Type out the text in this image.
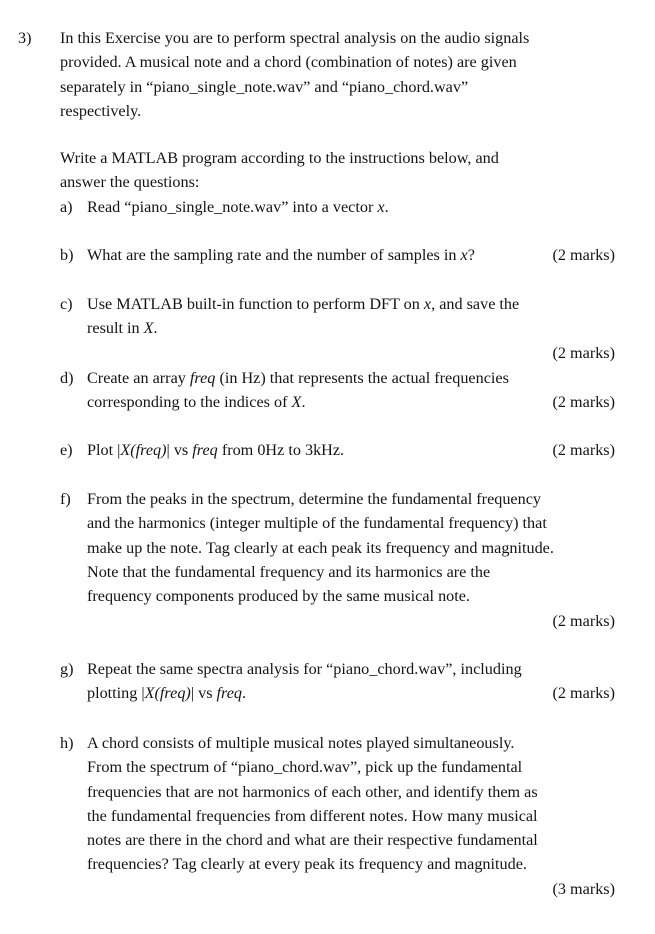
3) In this Exercise you are to perform spectral analysis on the audio signals
provided. A musical note and a chord (combination of notes) are given
separately in “piano_single_note.wav” and “piano_chord.wav”
respectively.
Write a MATLAB program according to the instructions below, and
answer the questions:
a) Read “piano_single_note.wav” into a vector x.
b) What are the sampling rate and the number of samples in x?	(2 marks)
c) Use MATLAB built-in function to perform DFT on x, and save the
result in X.
(2 marks)
d) Create an array freq (in Hz) that represents the actual frequencies
corresponding to the indices of X.	(2 marks)
e) Plot |X(freq)| vs freq from 0Hz to 3kHz.	(2 marks)
f) From the peaks in the spectrum, determine the fundamental frequency
and the harmonics (integer multiple of the fundamental frequency) that
make up the note. Tag clearly at each peak its frequency and magnitude.
Note that the fundamental frequency and its harmonics are the
frequency components produced by the same musical note.
(2 marks)
g) Repeat the same spectra analysis for “piano_chord.wav”, including
plotting |X(freq)| vs freq.	(2 marks)
h) A chord consists of multiple musical notes played simultaneously.
From the spectrum of “piano_chord.wav”, pick up the fundamental
frequencies that are not harmonics of each other, and identify them as
the fundamental frequencies from different notes. How many musical
notes are there in the chord and what are their respective fundamental
frequencies? Tag clearly at every peak its frequency and magnitude.
(3 marks)
